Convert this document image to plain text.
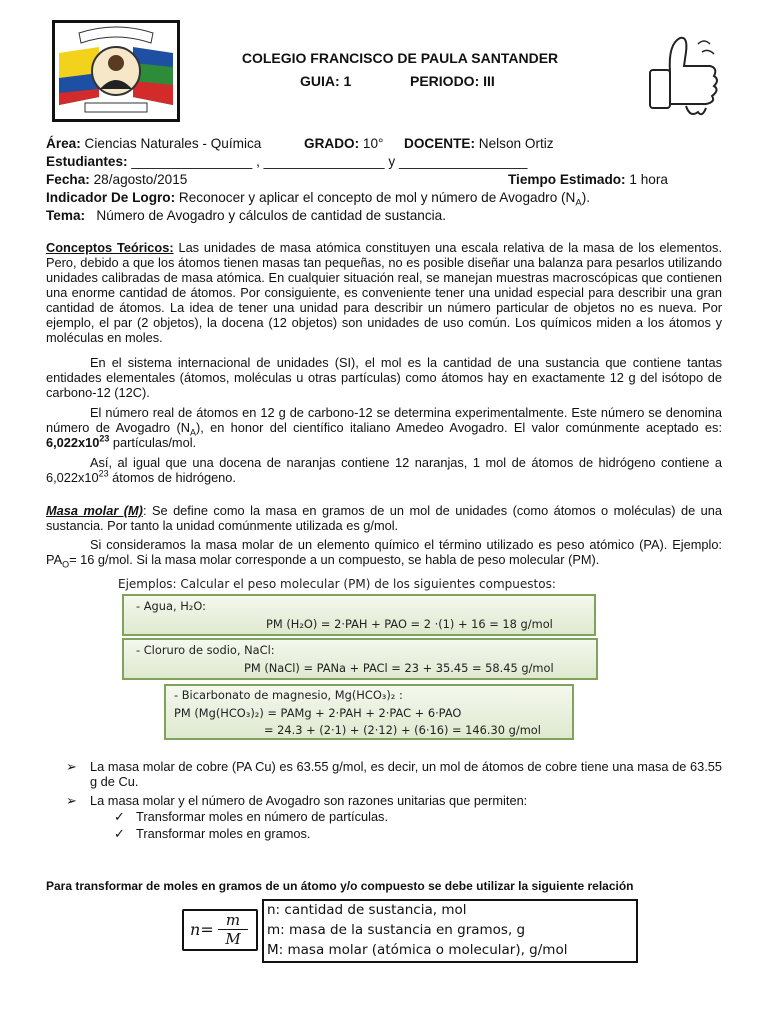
COLEGIO FRANCISCO DE PAULA SANTANDER
GUIA: 1	PERIODO: III
Área: Ciencias Naturales - Química	GRADO: 10° DOCENTE: Nelson Ortiz
Estudiantes: ________________ , ________________ y _________________
Fecha: 28/agosto/2015	Tiempo Estimado: 1 hora
Indicador De Logro: Reconocer y aplicar el concepto de mol y número de Avogadro $(N_A)$.
Tema: Número de Avogadro y cálculos de cantidad de sustancia.
Conceptos Teóricos: Las unidades de masa atómica constituyen una escala relativa de la masa de los elementos. Pero, debido a que los átomos tienen masas tan pequeñas, no es posible diseñar una balanza para pesarlos utilizando unidades calibradas de masa atómica. En cualquier situación real, se manejan muestras macroscópicas que contienen una enorme cantidad de átomos. Por consiguiente, es conveniente tener una unidad especial para describir una gran cantidad de átomos. La idea de tener una unidad para describir un número particular de objetos no es nueva. Por ejemplo, el par (2 objetos), la docena (12 objetos) son unidades de uso común. Los químicos miden a los átomos y moléculas en moles.
En el sistema internacional de unidades (SI), el mol es la cantidad de una sustancia que contiene tantas entidades elementales (átomos, moléculas u otras partículas) como átomos hay en exactamente 12 g del isótopo de carbono-12 (12C).
El número real de átomos en 12 g de carbono-12 se determina experimentalmente. Este número se denomina número de Avogadro $(N_A)$, en honor del científico italiano Amedeo Avogadro. El valor comúnmente aceptado es: $6,022x10^{23}$ partículas/mol.
Así, al igual que una docena de naranjas contiene 12 naranjas, 1 mol de átomos de hidrógeno contiene a $6,022x10^{23}$ átomos de hidrógeno.
Masa molar (M): Se define como la masa en gramos de un mol de unidades (como átomos o moléculas) de una sustancia. Por tanto la unidad comúnmente utilizada es g/mol.
Si consideramos la masa molar de un elemento químico el término utilizado es peso atómico (PA). Ejemplo: $PA_O= 16$ g/mol. Si la masa molar corresponde a un compuesto, se habla de peso molecular (PM).
Ejemplos: Calcular el peso molecular (PM) de los siguientes compuestos:
- Agua, H₂O:
PM (H₂O) = 2·PAH + PAO = 2 ·(1) + 16 = 18 g/mol
- Cloruro de sodio, NaCl:
PM (NaCl) = PANa + PACl = 23 + 35.45 = 58.45 g/mol
- Bicarbonato de magnesio, Mg(HCO₃)₂ :
PM (Mg(HCO₃)₂) = PAMg + 2·PAH + 2·PAC + 6·PAO
= 24.3 + (2·1) + (2·12) + (6·16) = 146.30 g/mol
➢ La masa molar de cobre (PA Cu) es 63.55 g/mol, es decir, un mol de átomos de cobre tiene una masa de 63.55 g de Cu.
➢ La masa molar y el número de Avogadro son razones unitarias que permiten:
✓ Transformar moles en número de partículas.
✓ Transformar moles en gramos.
Para transformar de moles en gramos de un átomo y/o compuesto se debe utilizar la siguiente relación
n= m
M
n: cantidad de sustancia, mol
m: masa de la sustancia en gramos, g
M: masa molar (atómica o molecular), g/mol
